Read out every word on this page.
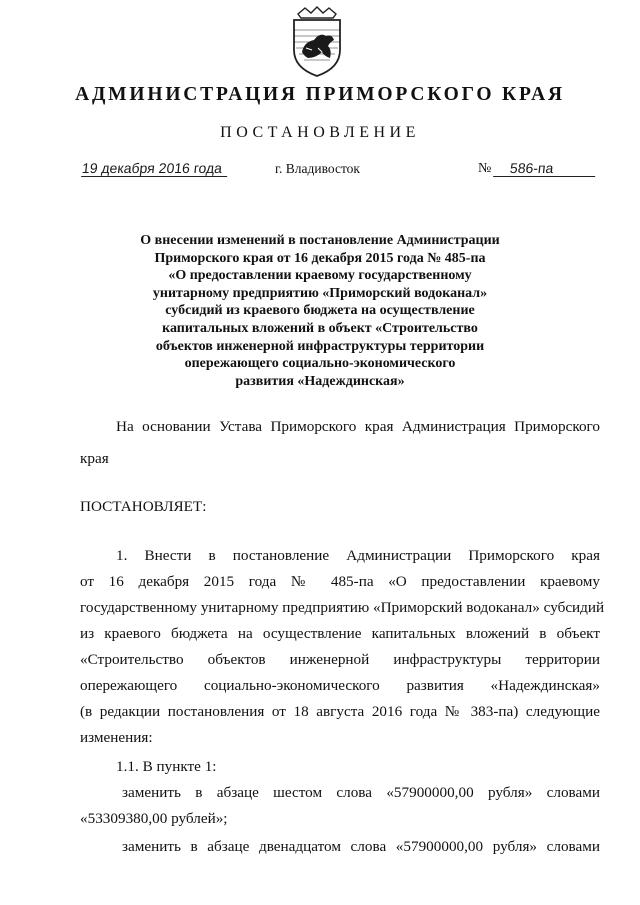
АДМИНИСТРАЦИЯ ПРИМОРСКОГО КРАЯ
ПОСТАНОВЛЕНИЕ
19 декабря 2016 года	г. Владивосток	№	586-па
О внесении изменений в постановление Администрации
Приморского края от 16 декабря 2015 года № 485-па
«О предоставлении краевому государственному
унитарному предприятию «Приморский водоканал»
субсидий из краевого бюджета на осуществление
капитальных вложений в объект «Строительство
объектов инженерной инфраструктуры территории
опережающего социально-экономического
развития «Надеждинская»
На основании Устава Приморского края Администрация Приморского
края
ПОСТАНОВЛЯЕТ:
1. Внести в постановление Администрации Приморского края
от 16 декабря 2015 года № 485-па «О предоставлении краевому
государственному унитарному предприятию «Приморский водоканал» субсидий
из краевого бюджета на осуществление капитальных вложений в объект
«Строительство объектов инженерной инфраструктуры территории
опережающего социально-экономического развития «Надеждинская»
(в редакции постановления от 18 августа 2016 года № 383-па) следующие
изменения:
1.1. В пункте 1:
заменить в абзаце шестом слова «57900000,00 рубля» словами
«53309380,00 рублей»;
заменить в абзаце двенадцатом слова «57900000,00 рубля» словами
